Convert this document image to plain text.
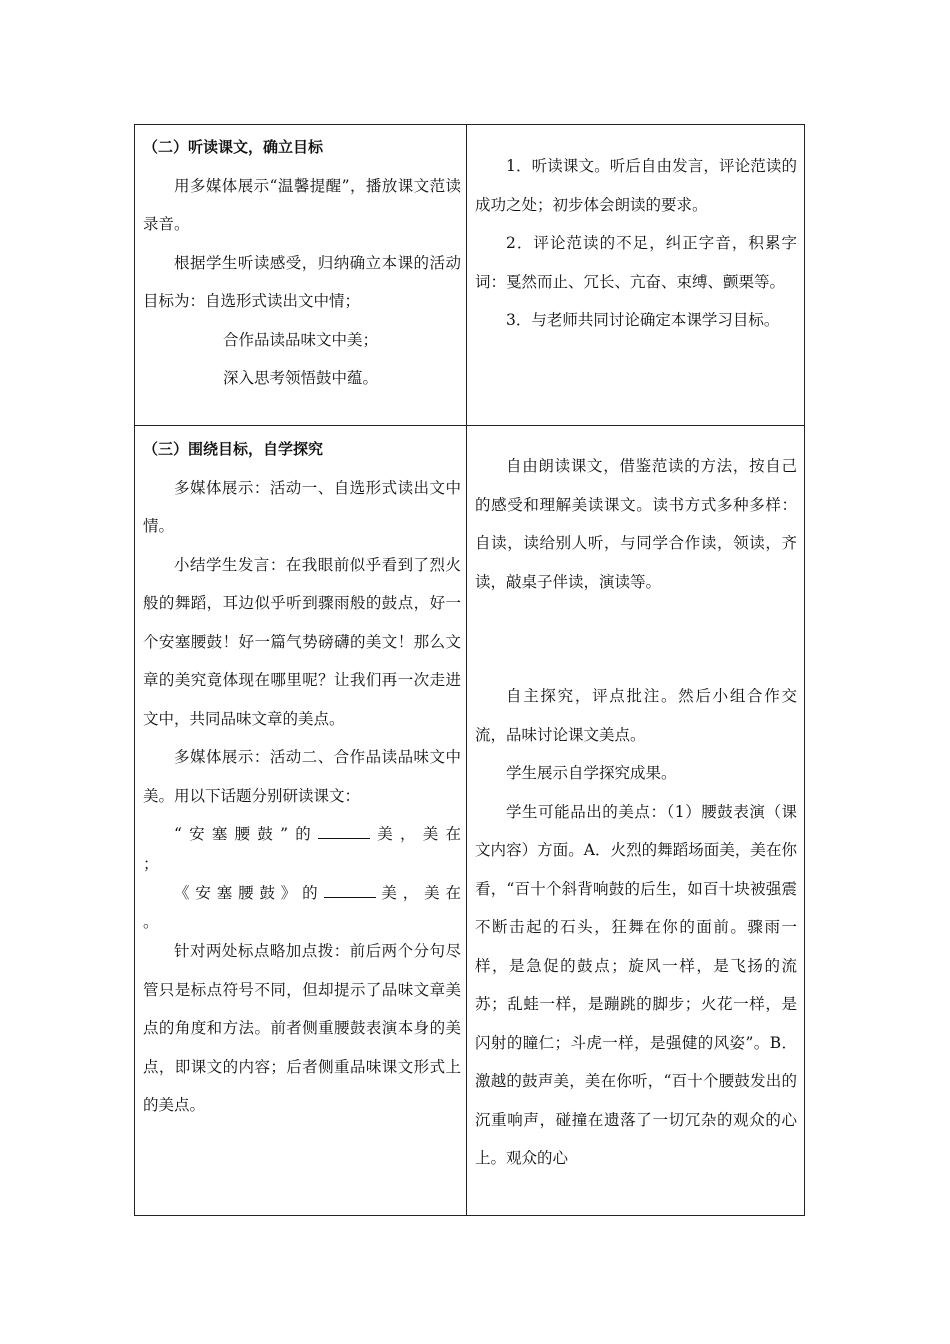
（二）听读课文，确立目标

用多媒体展示“温馨提醒”，播放课文范读录音。

根据学生听读感受，归纳确立本课的活动目标为：自选形式读出文中情；

合作品读品味文中美；

深入思考领悟鼓中蕴。

1．听读课文。听后自由发言，评论范读的成功之处；初步体会朗读的要求。

2．评论范读的不足，纠正字音，积累字词：戛然而止、冗长、亢奋、束缚、颤栗等。

3．与老师共同讨论确定本课学习目标。

（三）围绕目标，自学探究

多媒体展示：活动一、自选形式读出文中情。

小结学生发言：在我眼前似乎看到了烈火般的舞蹈，耳边似乎听到骤雨般的鼓点，好一个安塞腰鼓！好一篇气势磅礴的美文！那么文章的美究竟体现在哪里呢？让我们再一次走进文中，共同品味文章的美点。

多媒体展示：活动二、合作品读品味文中美。用以下话题分别研读课文：

“安塞腰鼓”的	美，美在

；

《安塞腰鼓》的	美，美在

。

针对两处标点略加点拨：前后两个分句尽管只是标点符号不同，但却提示了品味文章美点的角度和方法。前者侧重腰鼓表演本身的美点，即课文的内容；后者侧重品味课文形式上的美点。

自由朗读课文，借鉴范读的方法，按自己的感受和理解美读课文。读书方式多种多样：自读，读给别人听，与同学合作读，领读，齐读，敲桌子伴读，演读等。

自主探究，评点批注。然后小组合作交流，品味讨论课文美点。

学生展示自学探究成果。

学生可能品出的美点：（1）腰鼓表演（课文内容）方面。A．火烈的舞蹈场面美，美在你看，“百十个斜背响鼓的后生，如百十块被强震不断击起的石头，狂舞在你的面前。骤雨一样，是急促的鼓点；旋风一样，是飞扬的流苏；乱蛙一样，是蹦跳的脚步；火花一样，是闪射的瞳仁；斗虎一样，是强健的风姿”。B．激越的鼓声美，美在你听，“百十个腰鼓发出的沉重响声，碰撞在遗落了一切冗杂的观众的心上。观众的心
